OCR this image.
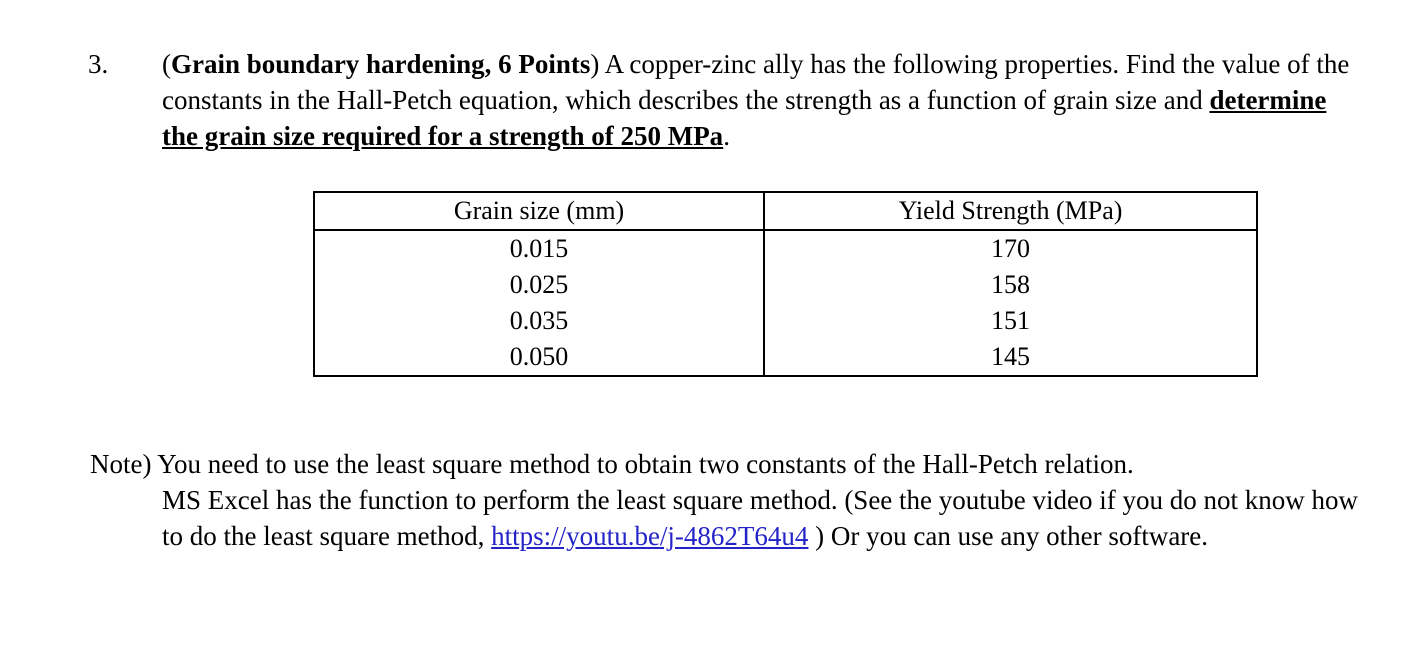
3. (Grain boundary hardening, 6 Points) A copper-zinc ally has the following properties. Find the value of the constants in the Hall-Petch equation, which describes the strength as a function of grain size and determine the grain size required for a strength of 250 MPa.
Grain size (mm)	Yield Strength (MPa)
0.015	170
0.025	158
0.035	151
0.050	145
Note) You need to use the least square method to obtain two constants of the Hall-Petch relation.
MS Excel has the function to perform the least square method. (See the youtube video if you do not know how to do the least square method, https://youtu.be/j-4862T64u4 ) Or you can use any other software.
